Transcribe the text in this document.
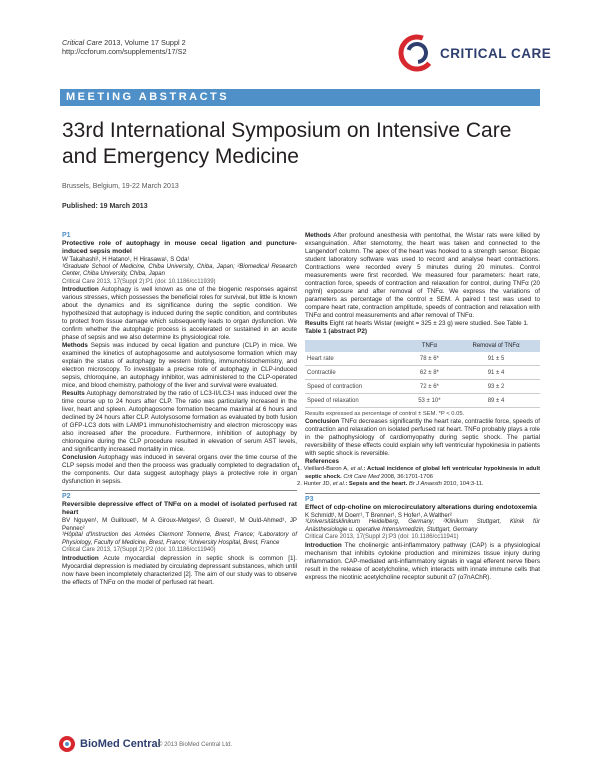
Critical Care 2013, Volume 17 Suppl 2
http://ccforum.com/supplements/17/S2	CRITICAL CARE
MEETING ABSTRACTS
33rd International Symposium on Intensive Care and Emergency Medicine
Brussels, Belgium, 19-22 March 2013
Published: 19 March 2013

P1

Protective role of autophagy in mouse cecal ligation and puncture-induced sepsis model

W Takahashi¹, H Hatano¹, H Hirasawa¹, S Oda¹

¹Graduate School of Medicine, Chiba University, Chiba, Japan; ²Biomedical Research Center, Chiba University, Chiba, Japan

Critical Care 2013, 17(Suppl 2):P1 (doi: 10.1186/cc11939)

Introduction Autophagy is well known as one of the biogenic responses against various stresses, which possesses the beneficial roles for survival, but little is known about the dynamics and its significance during the septic condition. We hypothesized that autophagy is induced during the septic condition, and contributes to protect from tissue damage which subsequently leads to organ dysfunction. We confirm whether the autophagic process is accelerated or sustained in an acute phase of sepsis and we also determine its physiological role.

Methods Sepsis was induced by cecal ligation and puncture (CLP) in mice. We examined the kinetics of autophagosome and autolysosome formation which may explain the status of autophagy by western blotting, immunohistochemistry, and electron microscopy. To investigate a precise role of autophagy in CLP-induced sepsis, chloroquine, an autophagy inhibitor, was administered to the CLP-operated mice, and blood chemistry, pathology of the liver and survival were evaluated.

Results Autophagy demonstrated by the ratio of LC3-II/LC3-I was induced over the time course up to 24 hours after CLP. The ratio was particularly increased in the liver, heart and spleen. Autophagosome formation became maximal at 6 hours and declined by 24 hours after CLP. Autolysosome formation as evaluated by both fusion of GFP-LC3 dots with LAMP1 immunohistochemistry and electron microscopy was also increased after the procedure. Furthermore, inhibition of autophagy by chloroquine during the CLP procedure resulted in elevation of serum AST levels, and significantly increased mortality in mice.

Conclusion Autophagy was induced in several organs over the time course of the CLP sepsis model and then the process was gradually completed to degradation of the components. Our data suggest autophagy plays a protective role in organ dysfunction in sepsis.

P2

Reversible depressive effect of TNFα on a model of isolated perfused rat heart

BV Nguyen¹, M Guillouet¹, M A Giroux-Metges², G Gueret¹, M Ould-Ahmed¹, JP Pennec²

¹Hôpital d'Instruction des Armées Clermont Tonnerre, Brest, France; ²Laboratory of Physiology, Faculty of Medicine, Brest, France; ³University Hospital, Brest, France

Critical Care 2013, 17(Suppl 2):P2 (doi: 10.1186/cc11940)

Introduction Acute myocardial depression in septic shock is common [1]. Myocardial depression is mediated by circulating depressant substances, which until now have been incompletely characterized [2]. The aim of our study was to observe the effects of TNFα on the model of perfused rat heart.

Methods After profound anesthesia with pentothal, the Wistar rats were killed by exsanguination. After sternotomy, the heart was taken and connected to the Langendorf column. The apex of the heart was hooked to a strength sensor. Biopac student laboratory software was used to record and analyse heart contractions. Contractions were recorded every 5 minutes during 20 minutes. Control measurements were first recorded. We measured four parameters: heart rate, contraction force, speeds of contraction and relaxation for control, during TNFα (20 ng/ml) exposure and after removal of TNFα. We express the variations of parameters as percentage of the control ± SEM. A paired t test was used to compare heart rate, contraction amplitude, speeds of contraction and relaxation with TNFα and control measurements and after removal of TNFα.

Results Eight rat hearts Wistar (weight = 325 ± 23 g) were studied. See Table 1.

Table 1 (abstract P2)

	TNFα	Removal of TNFα
Heart rate	78 ± 6*	91 ± 5
Contractile	62 ± 8*	91 ± 4
Speed of contraction	72 ± 6*	93 ± 2
Speed of relaxation	53 ± 10*	89 ± 4

Results expressed as percentage of control ± SEM. *P < 0.05.

Conclusion TNFα decreases significantly the heart rate, contractile force, speeds of contraction and relaxation on isolated perfused rat heart. TNFα probably plays a role in the pathophysiology of cardiomyopathy during septic shock. The partial reversibility of these effects could explain why left ventricular hypokinesia in patients with septic shock is reversible.

References

1. Vieillard-Baron A, et al.: Actual incidence of global left ventricular hypokinesia in adult septic shock. Crit Care Med 2008, 36:1701-1706

2. Hunter JD, et al.: Sepsis and the heart. Br J Anaesth 2010, 104:3-11.

P3

Effect of cdp-choline on microcirculatory alterations during endotoxemia

K Schmidt¹, M Doerr¹, T Brenner¹, S Hofer¹, A Walther²

¹Universitätsklinikum Heidelberg, Germany; ²Klinikum Stuttgart, Klinik für Anästhesiologie u. operative Intensivmedizin, Stuttgart, Germany

Critical Care 2013, 17(Suppl 2):P3 (doi: 10.1186/cc11941)

Introduction The cholinergic anti-inflammatory pathway (CAP) is a physiological mechanism that inhibits cytokine production and minimizes tissue injury during inflammation. CAP-mediated anti-inflammatory signals in vagal efferent nerve fibers result in the release of acetylcholine, which interacts with innate immune cells that express the nicotinic acetylcholine receptor subunit α7 (α7nAChR).

BioMed Central
© 2013 BioMed Central Ltd.
